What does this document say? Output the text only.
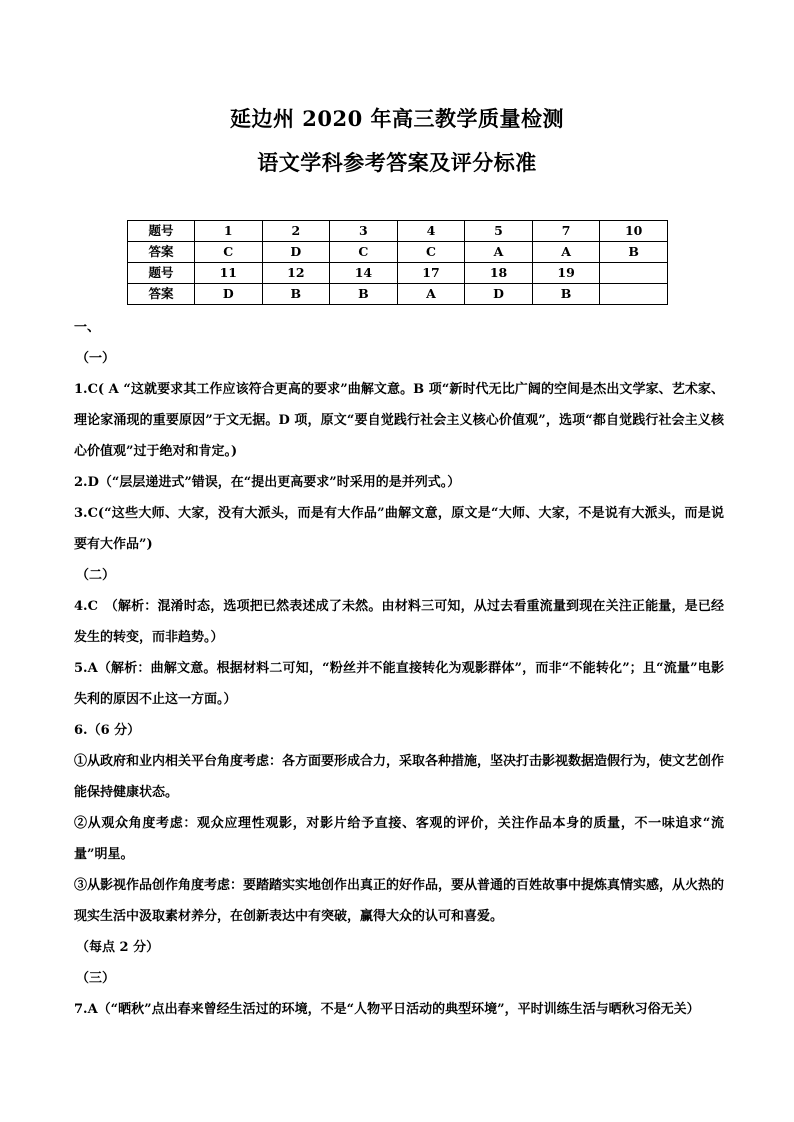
延边州 2020 年高三教学质量检测
语文学科参考答案及评分标准
题号	1	2	3	4	5	7	10
答案	C	D	C	C	A	A	B
题号	11	12	14	17	18	19	
答案	D	B	B	A	D	B	

一、

（一）

1.C( A “这就要求其工作应该符合更高的要求”曲解文意。B 项“新时代无比广阔的空间是杰出文学家、艺术家、理论家涌现的重要原因”于文无据。D 项，原文“要自觉践行社会主义核心价值观”，选项“都自觉践行社会主义核心价值观”过于绝对和肯定。)

2.D（“层层递进式”错误，在“提出更高要求”时采用的是并列式。）

3.C(“这些大师、大家，没有大派头，而是有大作品”曲解文意，原文是“大师、大家，不是说有大派头，而是说要有大作品”)

（二）

4.C　（解析：混淆时态，选项把已然表述成了未然。由材料三可知，从过去看重流量到现在关注正能量，是已经发生的转变，而非趋势。）

5.A（解析：曲解文意。根据材料二可知，“粉丝并不能直接转化为观影群体”，而非“不能转化”；且“流量”电影失利的原因不止这一方面。）

6.（6 分）

①从政府和业内相关平台角度考虑：各方面要形成合力，采取各种措施，坚决打击影视数据造假行为，使文艺创作能保持健康状态。

②从观众角度考虑：观众应理性观影，对影片给予直接、客观的评价，关注作品本身的质量，不一味追求“流量”明星。

③从影视作品创作角度考虑：要踏踏实实地创作出真正的好作品，要从普通的百姓故事中提炼真情实感，从火热的现实生活中汲取素材养分，在创新表达中有突破，赢得大众的认可和喜爱。

（每点 2 分）

（三）

7.A（“晒秋”点出春来曾经生活过的环境，不是“人物平日活动的典型环境”，平时训练生活与晒秋习俗无关）
